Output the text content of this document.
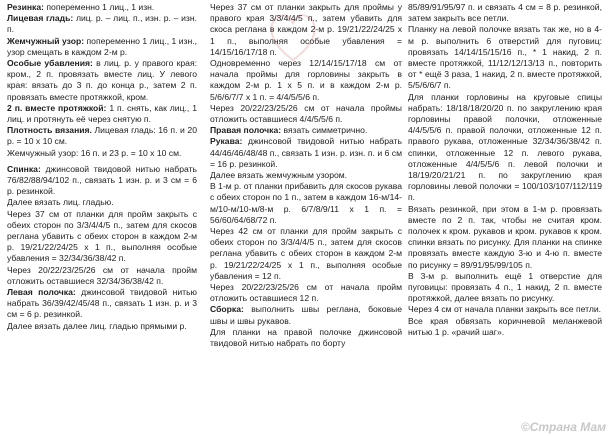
Резинка: попеременно 1 лиц., 1 изн.

Лицевая гладь: лиц. р. – лиц. п., изн. р. – изн. п.

Жемчужный узор: попеременно 1 лиц., 1 изн., узор смещать в каждом 2-м р.

Особые убавления: в лиц. р. у правого края: кром., 2 п. провязать вместе лиц. У левого края: вязать до 3 п. до конца р., затем 2 п. провязать вместе протяжкой, кром.

2 п. вместе протяжкой: 1 п. снять, как лиц., 1 лиц. и протянуть её через снятую п.

Плотность вязания. Лицевая гладь: 16 п. и 20 р. = 10 х 10 см.

Жемчужный узор: 16 п. и 23 р. = 10 х 10 см.

Спинка: джинсовой твидовой нитью набрать 76/82/88/94/102 п., связать 1 изн. р. и 3 см = 6 р. резинкой.

Далее вязать лиц. гладью.

Через 37 см от планки для пройм закрыть с обеих сторон по 3/3/4/4/5 п., затем для скосов реглана убавить с обеих сторон в каждом 2-м р. 19/21/22/24/25 х 1 п., выполняя особые убавления = 32/34/36/38/42 п.

Через 20/22/23/25/26 см от начала пройм отложить оставшиеся 32/34/36/38/42 п.

Левая полочка: джинсовой твидовой нитью набрать 36/39/42/45/48 п., связать 1 изн. р. и 3 см = 6 р. резинкой.

Далее вязать далее лиц. гладью прямыми р.

Через 37 см от планки закрыть для проймы у правого края 3/3/4/4/5 п., затем убавить для скоса реглана в каждом 2-м р. 19/21/22/24/25 х 1 п., выполняя особые убавления = 14/15/16/17/18 п.

Одновременно через 12/14/15/17/18 см от начала проймы для горловины закрыть в каждом 2-м р. 1 х 5 п. и в каждом 2-м р. 5/6/6/7/7 х 1 п. = 4/4/5/5/6 п.

Через 20/22/23/25/26 см от начала проймы отложить оставшиеся 4/4/5/5/6 п.

Правая полочка: вязать симметрично.

Рукава: джинсовой твидовой нитью набрать 44/46/46/48/48 п., связать 1 изн. р. изн. п. и 6 см = 16 р. резинкой.

Далее вязать жемчужным узором.

В 1-м р. от планки прибавить для скосов рукава с обеих сторон по 1 п., затем в каждом 16-м/14-м/10-м/10-м/8-м р. 6/7/8/9/11 х 1 п. = 56/60/64/68/72 п.

Через 42 см от планки для пройм закрыть с обеих сторон по 3/3/4/4/5 п., затем для скосов реглана убавить с обеих сторон в каждом 2-м р. 19/21/22/24/25 х 1 п., выполняя особые убавления = 12 п.

Через 20/22/23/25/26 см от начала пройм отложить оставшиеся 12 п.

Сборка: выполнить швы реглана, боковые швы и швы рукавов.

Для планки на правой полочке джинсовой твидовой нитью набрать по борту

85/89/91/95/97 п. и связать 4 см = 8 р. резинкой, затем закрыть все петли.

Планку на левой полочке вязать так же, но в 4-м р. выполнить 6 отверстий для пуговиц: провязать 14/14/15/15/16 п., * 1 накид, 2 п. вместе протяжкой, 11/12/12/13/13 п., повторить от * ещё 3 раза, 1 накид, 2 п. вместе протяжкой, 5/5/6/6/7 п.

Для планки горловины на круговые спицы набрать: 18/18/18/20/20 п. по закруглению края горловины правой полочки, отложенные 4/4/5/5/6 п. правой полочки, отложенные 12 п. правого рукава, отложенные 32/34/36/38/42 п. спинки, отложенные 12 п. левого рукава, отложенные 4/4/5/5/6 п. левой полочки и 18/19/20/21/21 п. по закруглению края горловины левой полочки = 100/103/107/112/119 п.

Вязать резинкой, при этом в 1-м р. провязать вместе по 2 п. так, чтобы не считая кром. полочек к кром. рукавов и кром. рукавов к кром. спинки вязать по рисунку. Для планки на спинке провязать вместе каждую 3-ю и 4-ю п. вместе по рисунку = 89/91/95/99/105 п.

В 3-м р. выполнить ещё 1 отверстие для пуговицы: провязать 4 п., 1 накид, 2 п. вместе протяжкой, далее вязать по рисунку.

Через 4 см от начала планки закрыть все петли.

Все края обвязать коричневой меланжевой нитью 1 р. «рачий шаг».

©Страна Мам
